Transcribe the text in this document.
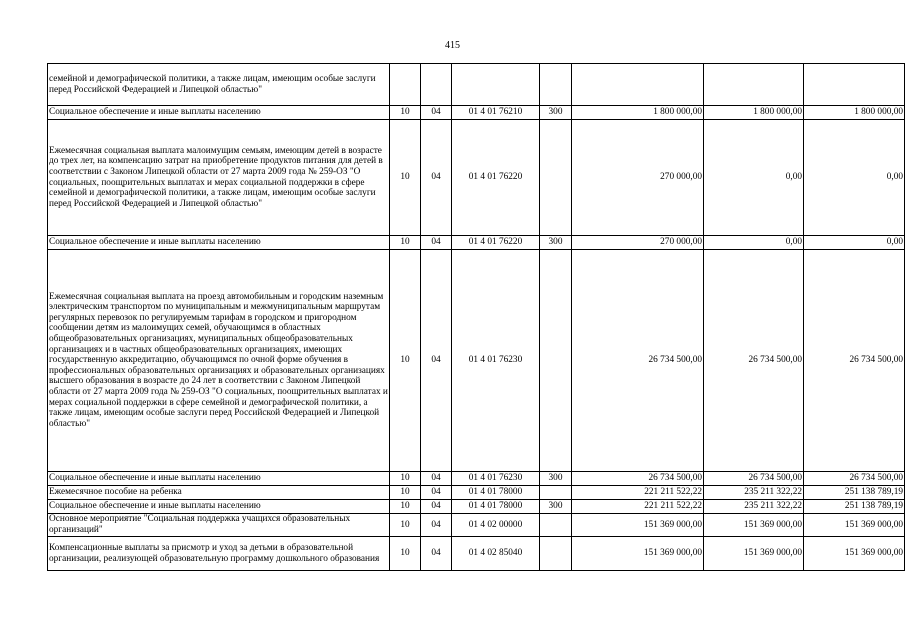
415
семейной и демографической политики, а также лицам, имеющим особые заслуги перед Российской Федерацией и Липецкой областью"							
Социальное обеспечение и иные выплаты населению	10	04	01 4 01 76210	300	1 800 000,00	1 800 000,00	1 800 000,00
Ежемесячная социальная выплата малоимущим семьям, имеющим детей в возрасте до трех лет, на компенсацию затрат на приобретение продуктов питания для детей в соответствии с Законом Липецкой области от 27 марта 2009 года № 259-ОЗ "О социальных, поощрительных выплатах и мерах социальной поддержки в сфере семейной и демографической политики, а также лицам, имеющим особые заслуги перед Российской Федерацией и Липецкой областью"	10	04	01 4 01 76220		270 000,00	0,00	0,00
Социальное обеспечение и иные выплаты населению	10	04	01 4 01 76220	300	270 000,00	0,00	0,00
Ежемесячная социальная выплата на проезд автомобильным и городским наземным электрическим транспортом по муниципальным и межмуниципальным маршрутам регулярных перевозок по регулируемым тарифам в городском и пригородном сообщении детям из малоимущих семей, обучающимся в областных общеобразовательных организациях, муниципальных общеобразовательных организациях и в частных общеобразовательных организациях, имеющих государственную аккредитацию, обучающимся по очной форме обучения в профессиональных образовательных организациях и образовательных организациях высшего образования в возрасте до 24 лет в соответствии с Законом Липецкой области от 27 марта 2009 года № 259-ОЗ "О социальных, поощрительных выплатах и мерах социальной поддержки в сфере семейной и демографической политики, а также лицам, имеющим особые заслуги перед Российской Федерацией и Липецкой областью"	10	04	01 4 01 76230		26 734 500,00	26 734 500,00	26 734 500,00
Социальное обеспечение и иные выплаты населению	10	04	01 4 01 76230	300	26 734 500,00	26 734 500,00	26 734 500,00
Ежемесячное пособие на ребенка	10	04	01 4 01 78000		221 211 522,22	235 211 322,22	251 138 789,19
Социальное обеспечение и иные выплаты населению	10	04	01 4 01 78000	300	221 211 522,22	235 211 322,22	251 138 789,19
Основное мероприятие "Социальная поддержка учащихся образовательных организаций"	10	04	01 4 02 00000		151 369 000,00	151 369 000,00	151 369 000,00
Компенсационные выплаты за присмотр и уход за детьми в образовательной организации, реализующей образовательную программу дошкольного образования	10	04	01 4 02 85040		151 369 000,00	151 369 000,00	151 369 000,00
